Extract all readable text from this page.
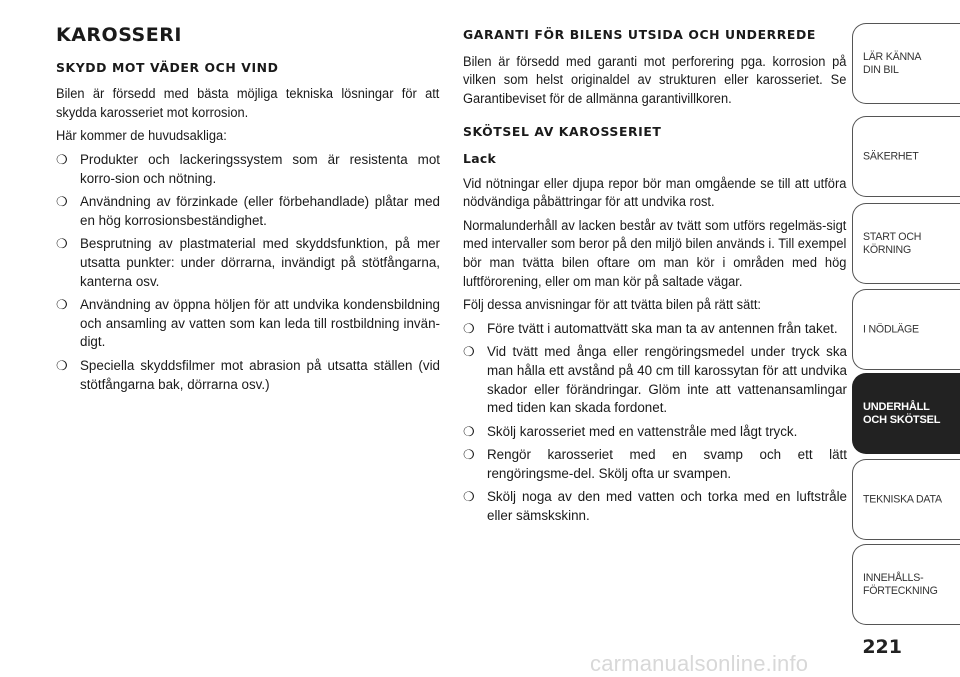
KAROSSERI
SKYDD MOT VÄDER OCH VIND

Bilen är försedd med bästa möjliga tekniska lösningar för att skydda karosseriet mot korrosion.

Här kommer de huvudsakliga:

❍ Produkter och lackeringssystem som är resistenta mot korro-sion och nötning.
❍ Användning av förzinkade (eller förbehandlade) plåtar med en hög korrosionsbeständighet.
❍ Besprutning av plastmaterial med skyddsfunktion, på mer utsatta punkter: under dörrarna, invändigt på stötfångarna, kanterna osv.
❍ Användning av öppna höljen för att undvika kondensbildning och ansamling av vatten som kan leda till rostbildning invän-digt.
❍ Speciella skyddsfilmer mot abrasion på utsatta ställen (vid stötfångarna bak, dörrarna osv.)
GARANTI FÖR BILENS UTSIDA OCH UNDERREDE

Bilen är försedd med garanti mot perforering pga. korrosion på vilken som helst originaldel av strukturen eller karosseriet. Se Garantibeviset för de allmänna garantivillkoren.

SKÖTSEL AV KAROSSERIET
Lack

Vid nötningar eller djupa repor bör man omgående se till att utföra nödvändiga påbättringar för att undvika rost.

Normalunderhåll av lacken består av tvätt som utförs regelmäs-sigt med intervaller som beror på den miljö bilen används i. Till exempel bör man tvätta bilen oftare om man kör i områden med hög luftförorening, eller om man kör på saltade vägar.

Följ dessa anvisningar för att tvätta bilen på rätt sätt:

❍ Före tvätt i automattvätt ska man ta av antennen från taket.
❍ Vid tvätt med ånga eller rengöringsmedel under tryck ska man hålla ett avstånd på 40 cm till karossytan för att undvika skador eller förändringar. Glöm inte att vattenansamlingar med tiden kan skada fordonet.
❍ Skölj karosseriet med en vattenstråle med lågt tryck.
❍ Rengör karosseriet med en svamp och ett lätt rengöringsme-del. Skölj ofta ur svampen.
❍ Skölj noga av den med vatten och torka med en luftstråle eller sämskskinn.
LÄR KÄNNA
DIN BIL
SÄKERHET
START OCH
KÖRNING
I NÖDLÄGE
UNDERHÅLL
OCH SKÖTSEL
TEKNISKA DATA
INNEHÅLLS-
FÖRTECKNING
221
carmanualsonline.info
